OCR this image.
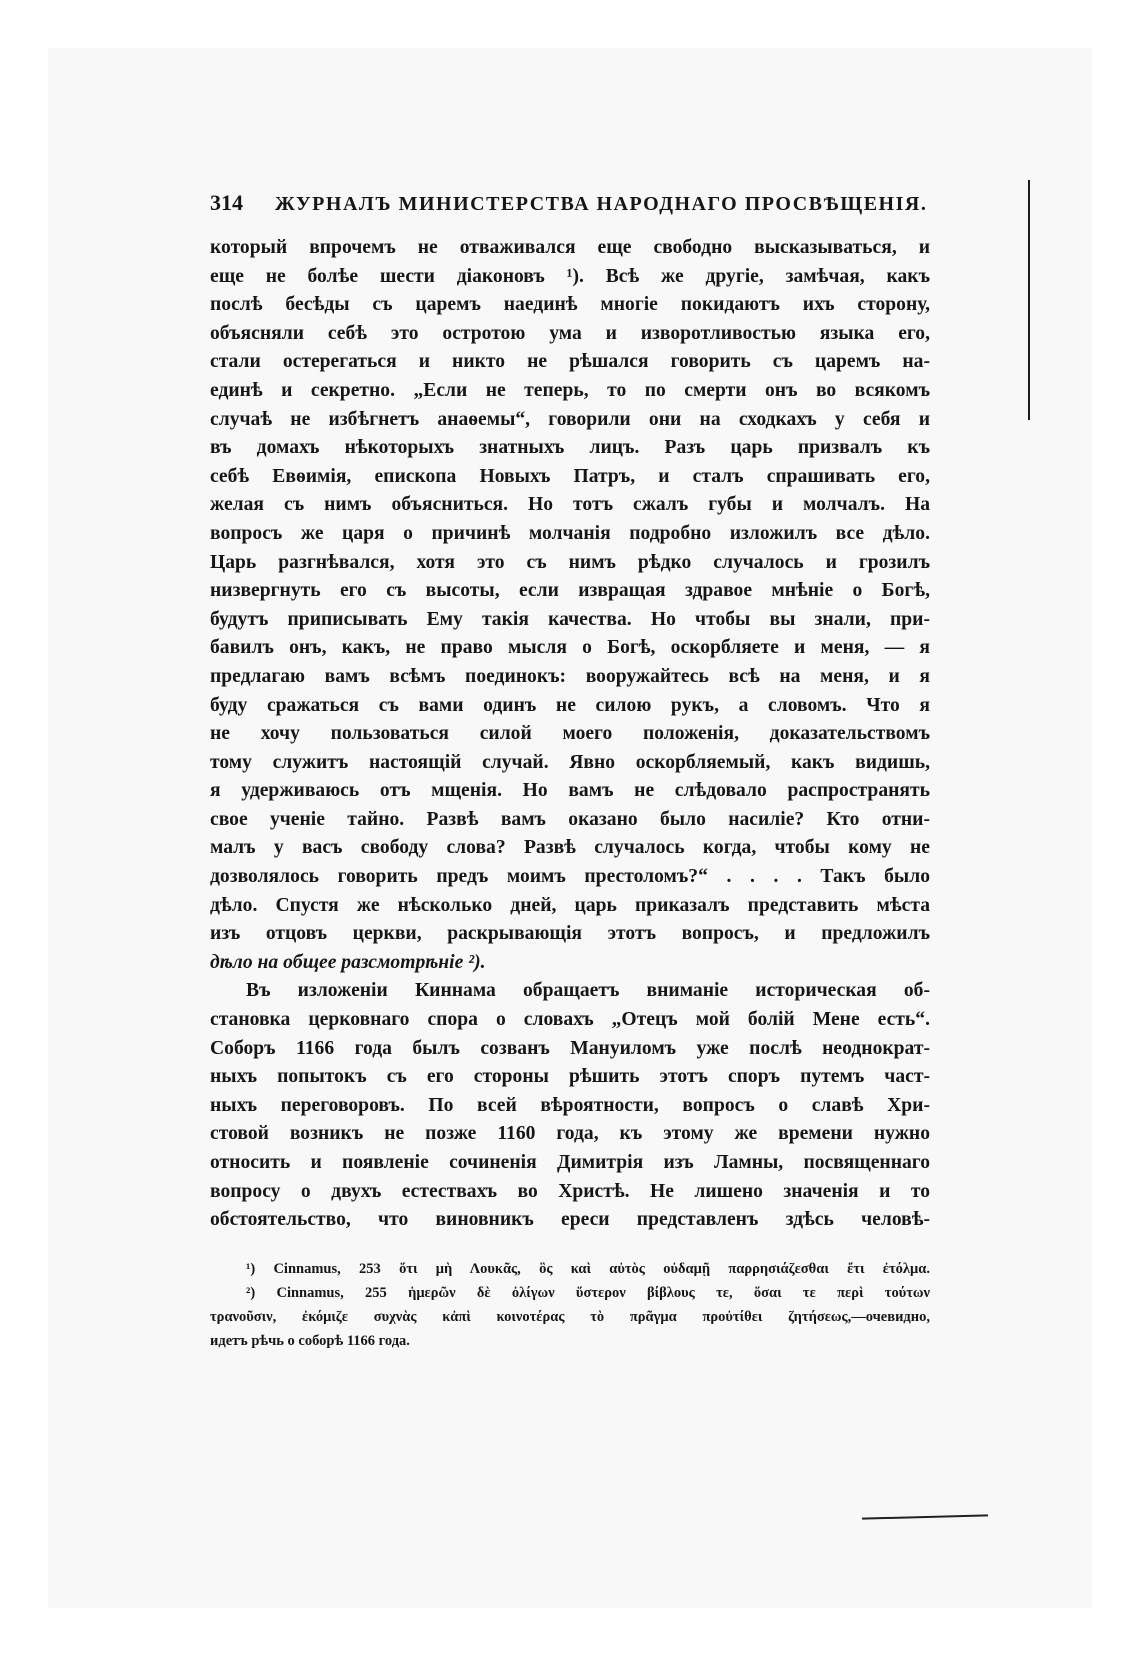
314 ЖУРНАЛЪ МИНИСТЕРСТВА НАРОДНАГО ПРОСВѢЩЕНІЯ.
который впрочемъ не отваживался еще свободно высказываться, и
еще не болѣе шести діаконовъ ¹). Всѣ же другіе, замѣчая, какъ
послѣ бесѣды съ царемъ наединѣ многіе покидаютъ ихъ сторону,
объясняли себѣ это остротою ума и изворотливостью языка его,
стали остерегаться и никто не рѣшался говорить съ царемъ на-
единѣ и секретно. „Если не теперь, то по смерти онъ во всякомъ
случаѣ не избѣгнетъ анаѳемы“, говорили они на сходкахъ у себя и
въ домахъ нѣкоторыхъ знатныхъ лицъ. Разъ царь призвалъ къ
себѣ Евѳимія, епископа Новыхъ Патръ, и сталъ спрашивать его,
желая съ нимъ объясниться. Но тотъ сжалъ губы и молчалъ. На
вопросъ же царя о причинѣ молчанія подробно изложилъ все дѣло.
Царь разгнѣвался, хотя это съ нимъ рѣдко случалось и грозилъ
низвергнуть его съ высоты, если извращая здравое мнѣніе о Богѣ,
будутъ приписывать Ему такія качества. Но чтобы вы знали, при-
бавилъ онъ, какъ, не право мысля о Богѣ, оскорбляете и меня, — я
предлагаю вамъ всѣмъ поединокъ: вооружайтесь всѣ на меня, и я
буду сражаться съ вами одинъ не силою рукъ, а словомъ. Что я
не хочу пользоваться силой моего положенія, доказательствомъ
тому служитъ настоящій случай. Явно оскорбляемый, какъ видишь,
я удерживаюсь отъ мщенія. Но вамъ не слѣдовало распространять
свое ученіе тайно. Развѣ вамъ оказано было насиліе? Кто отни-
малъ у васъ свободу слова? Развѣ случалось когда, чтобы кому не
дозволялось говорить предъ моимъ престоломъ?“ . . . . Такъ было
дѣло. Спустя же нѣсколько дней, царь приказалъ представить мѣста
изъ отцовъ церкви, раскрывающія этотъ вопросъ, и предложилъ
дѣло на общее разсмотрѣніе ²).
Въ изложеніи Киннама обращаетъ вниманіе историческая об-
становка церковнаго спора о словахъ „Отецъ мой болій Мене есть“.
Соборъ 1166 года былъ созванъ Мануиломъ уже послѣ неоднократ-
ныхъ попытокъ съ его стороны рѣшить этотъ споръ путемъ част-
ныхъ переговоровъ. По всей вѣроятности, вопросъ о славѣ Хри-
стовой возникъ не позже 1160 года, къ этому же времени нужно
относить и появленіе сочиненія Димитрія изъ Ламны, посвященнаго
вопросу о двухъ естествахъ во Христѣ. Не лишено значенія и то
обстоятельство, что виновникъ ереси представленъ здѣсь человѣ-
¹) Cinnamus, 253 ὅτι μὴ Λουκᾶς, ὃς καὶ αὐτὸς οὐδαμῇ παρρησιάζεσθαι ἔτι ἐτόλμα.
²) Cinnamus, 255 ἡμερῶν δὲ ὀλίγων ὕστερον βίβλους τε, ὅσαι τε περὶ τούτων
τρανοῦσιν, ἐκόμιζε συχνὰς κἀπὶ κοινοτέρας τὸ πρᾶγμα προὐτίθει ζητήσεως,—очевидно,
идетъ рѣчь о соборѣ 1166 года.
